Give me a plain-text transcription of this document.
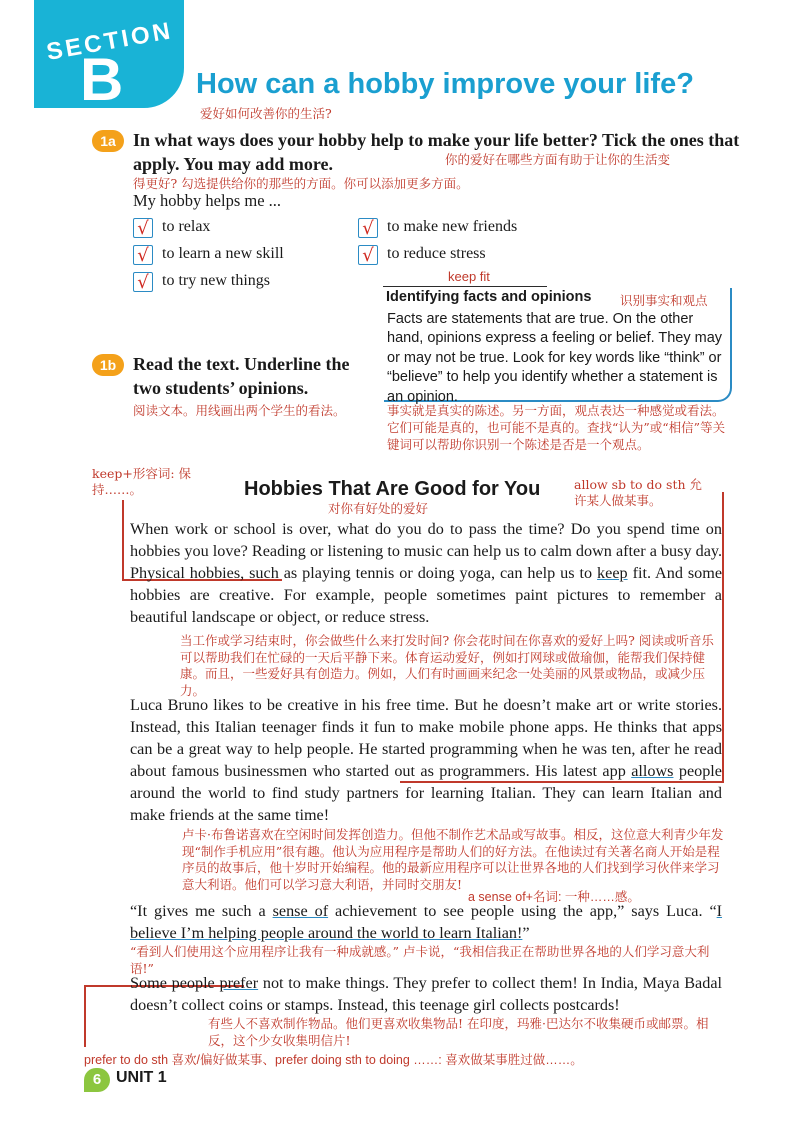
SECTION
B	How can a hobby improve your life?
爱好如何改善你的生活?
1a In what ways does your hobby help to make your life better? Tick the ones that apply. You may add more.	你的爱好在哪些方面有助于让你的生活变
得更好? 勾选提供给你的那些的方面。你可以添加更多方面。
My hobby helps me ...
√ to relax	√ to make new friends
√ to learn a new skill	√ to reduce stress
√ to try new things	keep fit
Identifying facts and opinions 识别事实和观点
Facts are statements that are true. On the other hand, opinions express a feeling or belief. They may or may not be true. Look for key words like “think” or “believe” to help you identify whether a statement is an opinion.
事实就是真实的陈述。另一方面，观点表达一种感觉或看法。它们可能是真的，也可能不是真的。查找“认为”或“相信”等关键词可以帮助你识别一个陈述是否是一个观点。
1b Read the text. Underline the two students’ opinions.
阅读文本。用线画出两个学生的看法。
keep+形容词: 保持……。	Hobbies That Are Good for You
对你有好处的爱好
allow sb to do sth 允许某人做某事。
When work or school is over, what do you do to pass the time? Do you spend time on hobbies you love? Reading or listening to music can help us to calm down after a busy day. Physical hobbies, such as playing tennis or doing yoga, can help us to keep fit. And some hobbies are creative. For example, people sometimes paint pictures to remember a beautiful landscape or object, or reduce stress.
当工作或学习结束时，你会做些什么来打发时间? 你会花时间在你喜欢的爱好上吗? 阅读或听音乐可以帮助我们在忙碌的一天后平静下来。体育运动爱好，例如打网球或做瑜伽，能帮我们保持健康。而且，一些爱好具有创造力。例如，人们有时画画来纪念一处美丽的风景或物品，或减少压力。
Luca Bruno likes to be creative in his free time. But he doesn’t make art or write stories. Instead, this Italian teenager finds it fun to make mobile phone apps. He thinks that apps can be a great way to help people. He started programming when he was ten, after he read about famous businessmen who started out as programmers. His latest app allows people around the world to find study partners for learning Italian. They can learn Italian and make friends at the same time!
卢卡·布鲁诺喜欢在空闲时间发挥创造力。但他不制作艺术品或写故事。相反，这位意大利青少年发现“制作手机应用”很有趣。他认为应用程序是帮助人们的好方法。在他读过有关著名商人开始是程序员的故事后，他十岁时开始编程。他的最新应用程序可以让世界各地的人们找到学习伙伴来学习意大利语。他们可以学习意大利语，并同时交朋友!
a sense of+名词: 一种……感。
“It gives me such a sense of achievement to see people using the app,” says Luca. “I believe I’m helping people around the world to learn Italian!”
“看到人们使用这个应用程序让我有一种成就感。” 卢卡说，“我相信我正在帮助世界各地的人们学习意大利语!”
Some people prefer not to make things. They prefer to collect them! In India, Maya Badal doesn’t collect coins or stamps. Instead, this teenage girl collects postcards!
有些人不喜欢制作物品。他们更喜欢收集物品! 在印度，玛雅·巴达尔不收集硬币或邮票。相反，这个少女收集明信片!
prefer to do sth 喜欢/偏好做某事、prefer doing sth to doing ……: 喜欢做某事胜过做……。
6 UNIT 1
